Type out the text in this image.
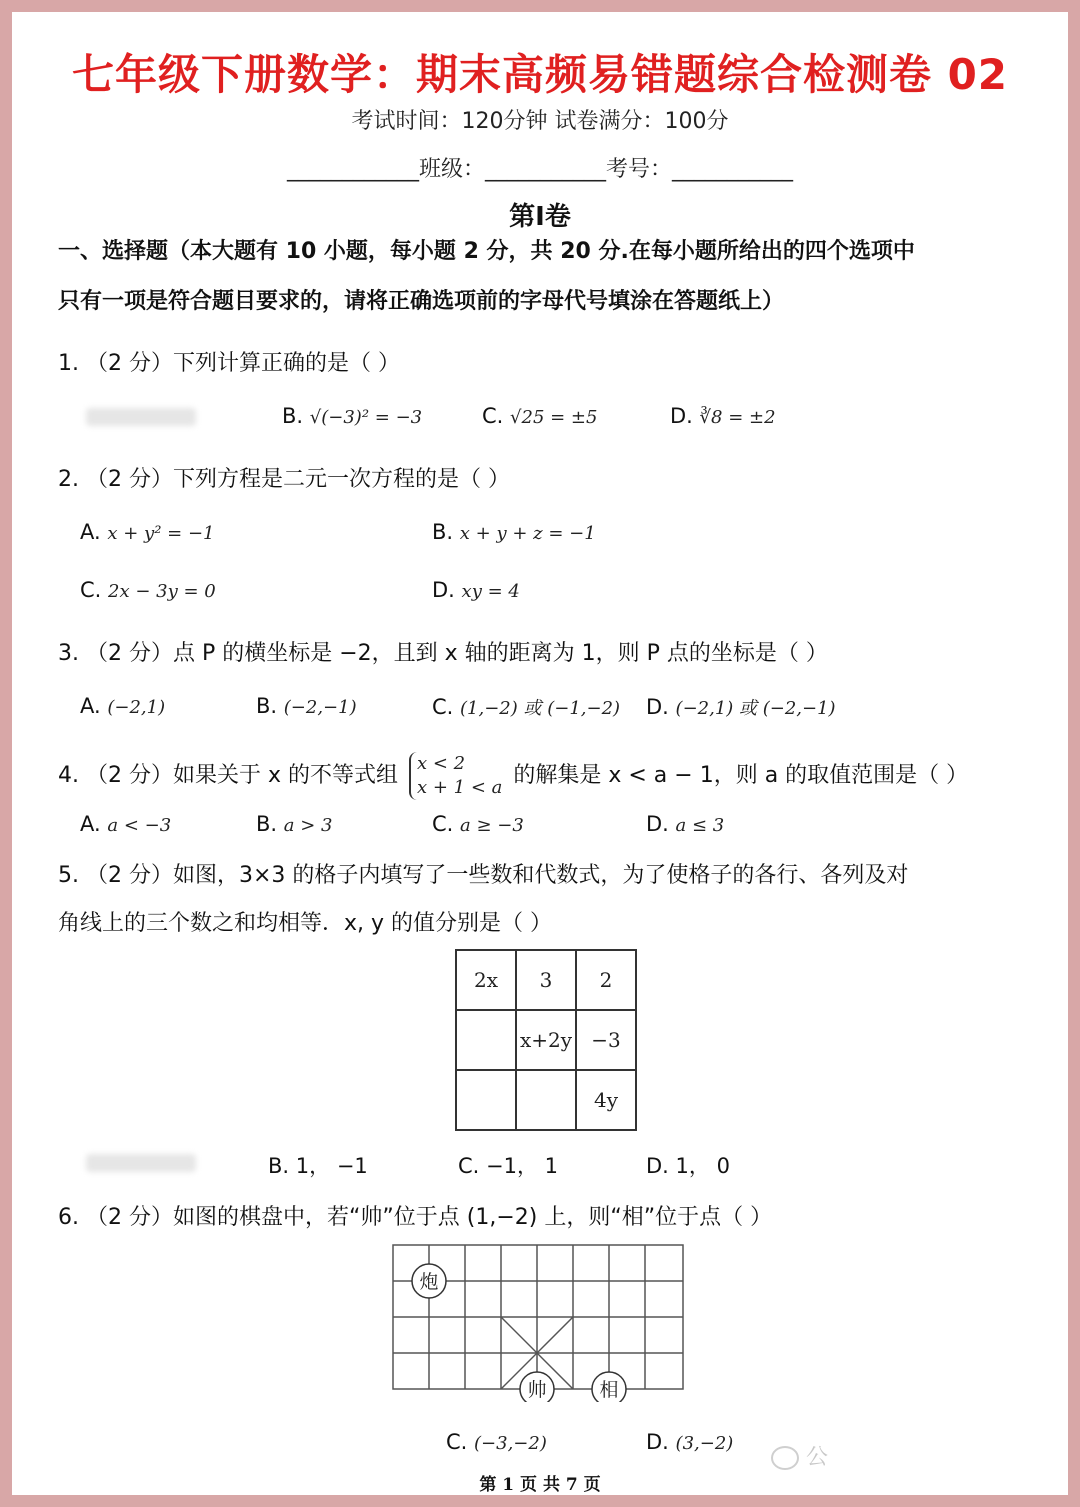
七年级下册数学：期末高频易错题综合检测卷 02
考试时间：120分钟 试卷满分：100分
____________班级：___________考号：___________
第Ⅰ卷
一、选择题（本大题有 10 小题，每小题 2 分，共 20 分.在每小题所给出的四个选项中
只有一项是符合题目要求的，请将正确选项前的字母代号填涂在答题纸上）
1. （2 分）下列计算正确的是（ ）
B. √(−3)² = −3	C. √25 = ±5	D. ∛8 = ±2
2. （2 分）下列方程是二元一次方程的是（ ）
A. x + y² = −1	B. x + y + z = −1
C. 2x − 3y = 0	D. xy = 4
3. （2 分）点 P 的横坐标是 −2，且到 x 轴的距离为 1，则 P 点的坐标是（ ）
A. (−2,1)	B. (−2,−1)	C. (1,−2) 或 (−1,−2) D. (−2,1) 或 (−2,−1)
4. （2 分）如果关于 x 的不等式组 x < 2
x + 1 < a 的解集是 x < a − 1，则 a 的取值范围是（ ）
A. a < −3	B. a > 3	C. a ≥ −3	D. a ≤ 3
5. （2 分）如图，3×3 的格子内填写了一些数和代数式，为了使格子的各行、各列及对
角线上的三个数之和均相等．x, y 的值分别是（ ）
2x	3	2
	x+2y	−3
		4y
B. 1， −1	C. −1， 1	D. 1， 0
6. （2 分）如图的棋盘中，若“帅”位于点 (1,−2) 上，则“相”位于点（ ）
炮
帅	相
C. (−3,−2)	D. (3,−2)
公
第 1 页 共 7 页
